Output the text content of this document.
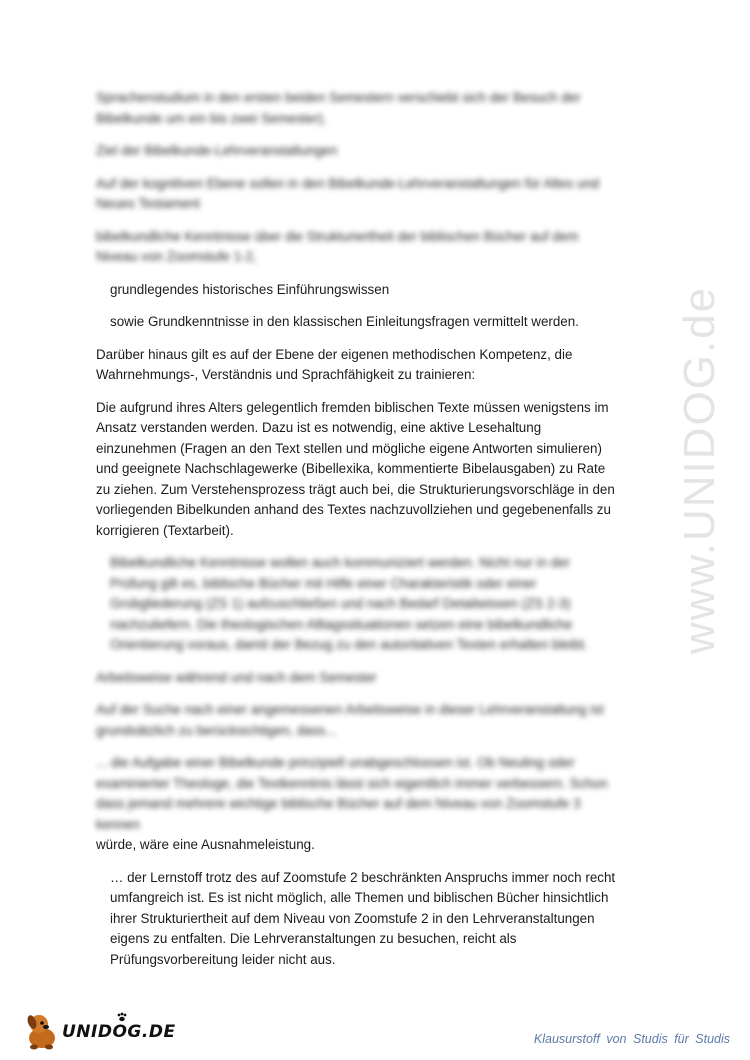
Sprachenstudium in den ersten beiden Semestern verschiebt sich der Besuch der Bibelkunde um ein bis zwei Semester).

Ziel der Bibelkunde-Lehrveranstaltungen

Auf der kognitiven Ebene sollen in den Bibelkunde-Lehrveranstaltungen für Altes und Neues Testament

bibelkundliche Kenntnisse über die Strukturiertheit der biblischen Bücher auf dem Niveau von Zoomstufe 1-2,

grundlegendes historisches Einführungswissen

sowie Grundkenntnisse in den klassischen Einleitungsfragen vermittelt werden.

Darüber hinaus gilt es auf der Ebene der eigenen methodischen Kompetenz, die Wahrnehmungs-, Verständnis und Sprachfähigkeit zu trainieren:

Die aufgrund ihres Alters gelegentlich fremden biblischen Texte müssen wenigstens im Ansatz verstanden werden. Dazu ist es notwendig, eine aktive Lesehaltung einzunehmen (Fragen an den Text stellen und mögliche eigene Antworten simulieren) und geeignete Nachschlagewerke (Bibellexika, kommentierte Bibelausgaben) zu Rate zu ziehen. Zum Verstehensprozess trägt auch bei, die Strukturierungsvorschläge in den vorliegenden Bibelkunden anhand des Textes nachzuvollziehen und gegebenenfalls zu korrigieren (Textarbeit).

Bibelkundliche Kenntnisse wollen auch kommuniziert werden. Nicht nur in der Prüfung gilt es, biblische Bücher mit Hilfe einer Charakteristik oder einer Grobgliederung (ZS 1) aufzuschließen und nach Bedarf Detailwissen (ZS 2-3) nachzuliefern. Die theologischen Alltagssituationen setzen eine bibelkundliche Orientierung voraus, damit der Bezug zu den autoritativen Texten erhalten bleibt.

Arbeitsweise während und nach dem Semester

Auf der Suche nach einer angemessenen Arbeitsweise in dieser Lehrveranstaltung ist grundsätzlich zu berücksichtigen, dass...

... die Aufgabe einer Bibelkunde prinzipiell unabgeschlossen ist. Ob Neuling oder examinierter Theologe, die Textkenntnis lässt sich eigentlich immer verbessern. Schon dass jemand mehrere wichtige biblische Bücher auf dem Niveau von Zoomstufe 3 kennen
würde, wäre eine Ausnahmeleistung.

… der Lernstoff trotz des auf Zoomstufe 2 beschränkten Anspruchs immer noch recht umfangreich ist. Es ist nicht möglich, alle Themen und biblischen Bücher hinsichtlich ihrer Strukturiertheit auf dem Niveau von Zoomstufe 2 in den Lehrveranstaltungen eigens zu entfalten. Die Lehrveranstaltungen zu besuchen, reicht als Prüfungsvorbereitung leider nicht aus.

www.UNIDOG.de
UNIDOG.DE	Klausurstoff von Studis für Studis
